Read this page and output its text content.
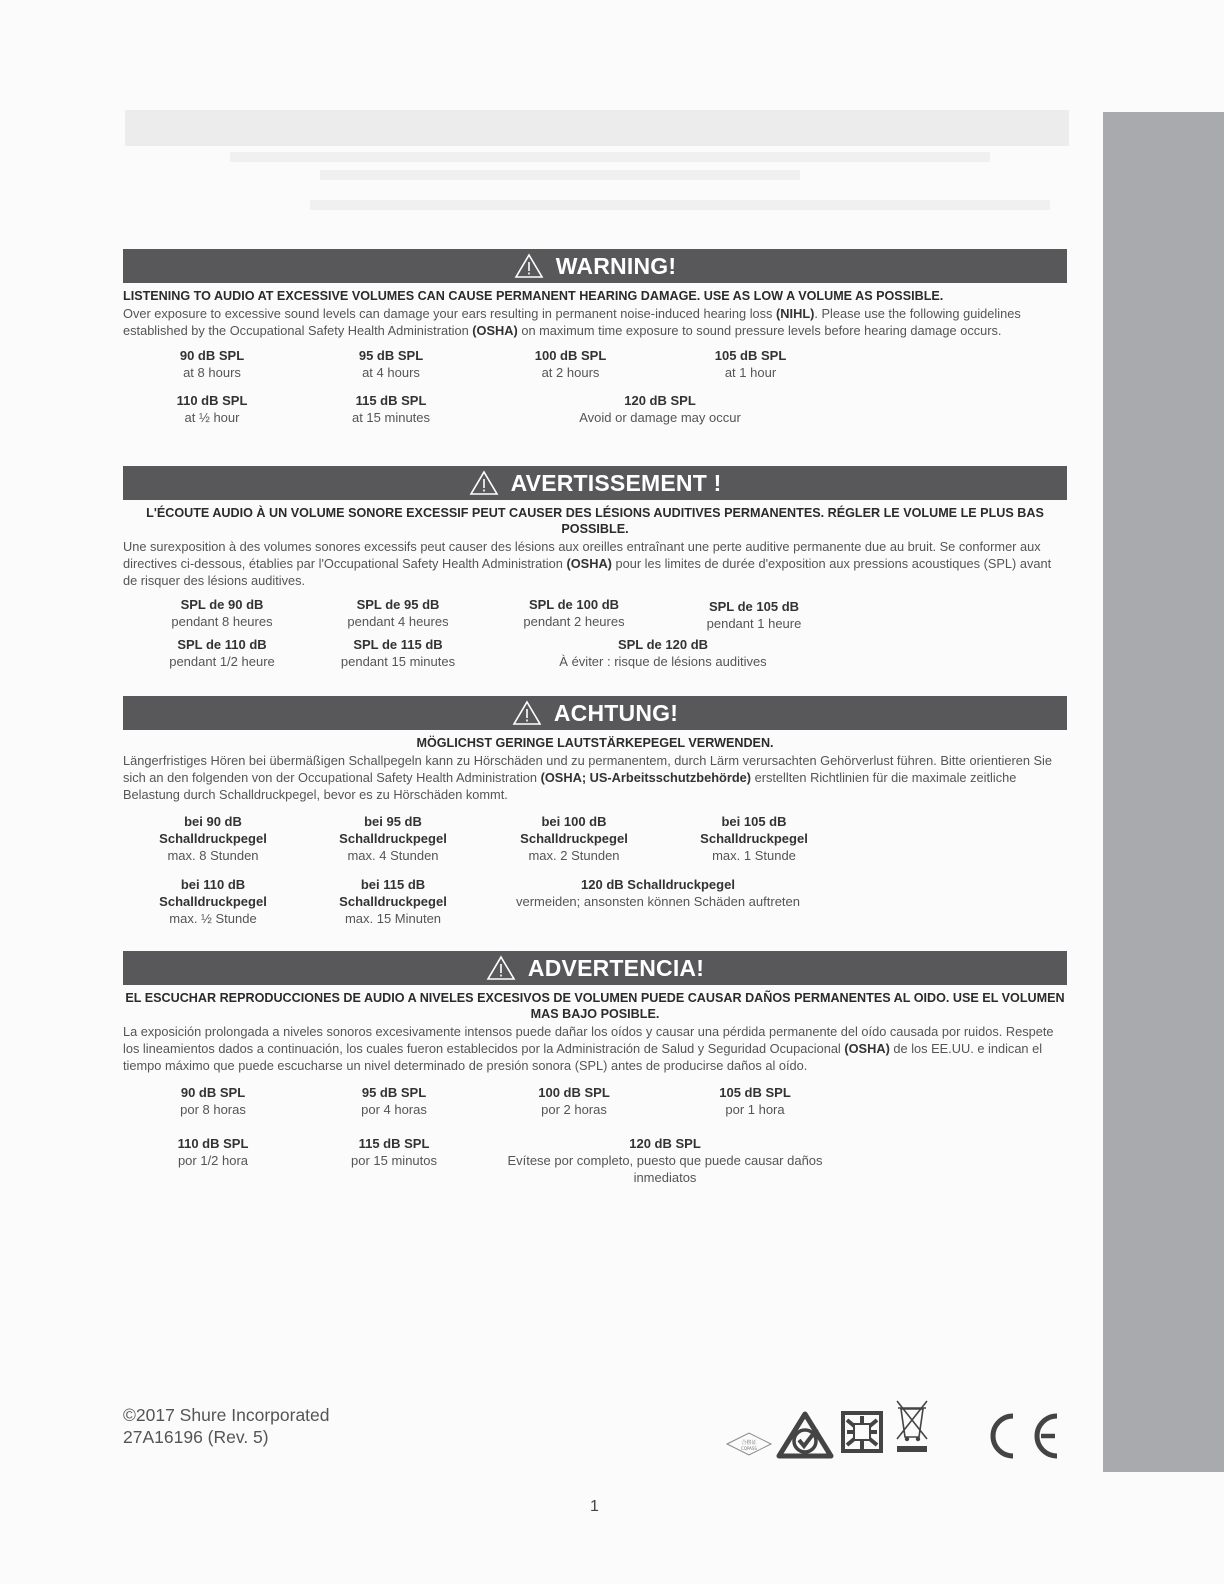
WARNING!
LISTENING TO AUDIO AT EXCESSIVE VOLUMES CAN CAUSE PERMANENT HEARING DAMAGE. USE AS LOW A VOLUME AS POSSIBLE.
Over exposure to excessive sound levels can damage your ears resulting in permanent noise-induced hearing loss (NIHL). Please use the following guidelines established by the Occupational Safety Health Administration (OSHA) on maximum time exposure to sound pressure levels before hearing damage occurs.
90 dB SPL
at 8 hours
95 dB SPL
at 4 hours
100 dB SPL
at 2 hours
105 dB SPL
at 1 hour
110 dB SPL
at ½ hour
115 dB SPL
at 15 minutes
120 dB SPL
Avoid or damage may occur
AVERTISSEMENT !
L'ÉCOUTE AUDIO À UN VOLUME SONORE EXCESSIF PEUT CAUSER DES LÉSIONS AUDITIVES PERMANENTES. RÉGLER LE VOLUME LE PLUS BAS POSSIBLE.
Une surexposition à des volumes sonores excessifs peut causer des lésions aux oreilles entraînant une perte auditive permanente due au bruit. Se conformer aux directives ci-dessous, établies par l'Occupational Safety Health Administration (OSHA) pour les limites de durée d'exposition aux pressions acoustiques (SPL) avant de risquer des lésions auditives.
SPL de 90 dB
pendant 8 heures
SPL de 95 dB
pendant 4 heures
SPL de 100 dB
pendant 2 heures
SPL de 105 dB
pendant 1 heure
SPL de 110 dB
pendant 1/2 heure
SPL de 115 dB
pendant 15 minutes
SPL de 120 dB
À éviter : risque de lésions auditives
ACHTUNG!
MÖGLICHST GERINGE LAUTSTÄRKEPEGEL VERWENDEN.
Längerfristiges Hören bei übermäßigen Schallpegeln kann zu Hörschäden und zu permanentem, durch Lärm verursachten Gehörverlust führen. Bitte orientieren Sie sich an den folgenden von der Occupational Safety Health Administration (OSHA; US-Arbeitsschutzbehörde) erstellten Richtlinien für die maximale zeitliche Belastung durch Schalldruckpegel, bevor es zu Hörschäden kommt.
bei 90 dB
Schalldruckpegel
max. 8 Stunden
bei 95 dB
Schalldruckpegel
max. 4 Stunden
bei 100 dB
Schalldruckpegel
max. 2 Stunden
bei 105 dB
Schalldruckpegel
max. 1 Stunde
bei 110 dB
Schalldruckpegel
max. ½ Stunde
bei 115 dB
Schalldruckpegel
max. 15 Minuten
120 dB Schalldruckpegel
vermeiden; ansonsten können Schäden auftreten
ADVERTENCIA!
EL ESCUCHAR REPRODUCCIONES DE AUDIO A NIVELES EXCESIVOS DE VOLUMEN PUEDE CAUSAR DAÑOS PERMANENTES AL OIDO. USE EL VOLUMEN MAS BAJO POSIBLE.
La exposición prolongada a niveles sonoros excesivamente intensos puede dañar los oídos y causar una pérdida permanente del oído causada por ruidos. Respete los lineamientos dados a continuación, los cuales fueron establecidos por la Administración de Salud y Seguridad Ocupacional (OSHA) de los EE.UU. e indican el tiempo máximo que puede escucharse un nivel determinado de presión sonora (SPL) antes de producirse daños al oído.
90 dB SPL
por 8 horas
95 dB SPL
por 4 horas
100 dB SPL
por 2 horas
105 dB SPL
por 1 hora
110 dB SPL
por 1/2 hora
115 dB SPL
por 15 minutos
120 dB SPL
Evítese por completo, puesto que puede causar daños inmediatos
©2017 Shure Incorporated
27A16196 (Rev. 5)	合格证
CQPASS
1
